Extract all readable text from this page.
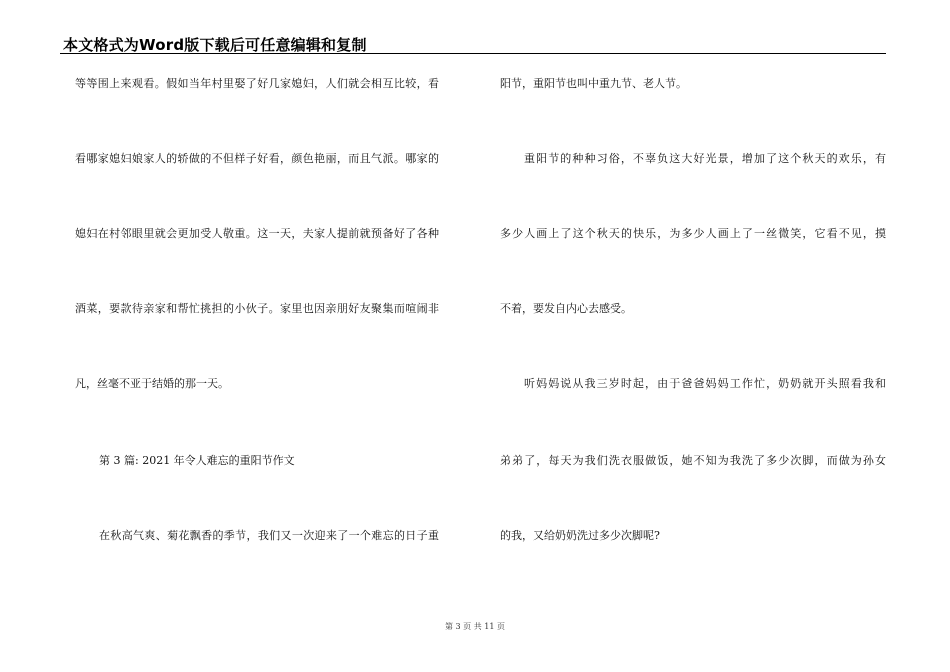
本文格式为Word版下载后可任意编辑和复制
等等围上来观看。假如当年村里娶了好几家媳妇，人们就会相互比较，看
看哪家媳妇娘家人的轿做的不但样子好看，颜色艳丽，而且气派。哪家的
媳妇在村邻眼里就会更加受人敬重。这一天，夫家人提前就预备好了各种
酒菜，要款待亲家和帮忙挑担的小伙子。家里也因亲朋好友聚集而喧闹非
凡，丝毫不亚于结婚的那一天。
第 3 篇: 2021 年令人难忘的重阳节作文
在秋高气爽、菊花飘香的季节，我们又一次迎来了一个难忘的日子重
阳节，重阳节也叫中重九节、老人节。
重阳节的种种习俗，不辜负这大好光景，增加了这个秋天的欢乐，有
多少人画上了这个秋天的快乐，为多少人画上了一丝微笑，它看不见，摸
不着，要发自内心去感受。
听妈妈说从我三岁时起，由于爸爸妈妈工作忙，奶奶就开头照看我和
弟弟了，每天为我们洗衣服做饭，她不知为我洗了多少次脚，而做为孙女
的我，又给奶奶洗过多少次脚呢?
第 3 页 共 11 页
